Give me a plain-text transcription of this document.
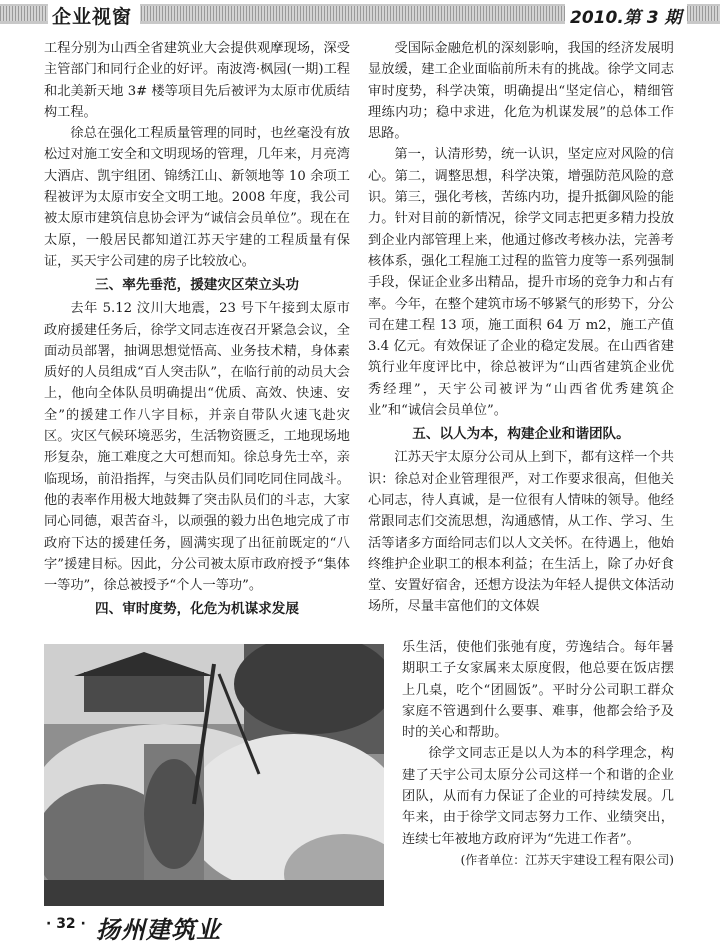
企业视窗	2010.第 3 期

工程分别为山西全省建筑业大会提供观摩现场，深受主管部门和同行企业的好评。南波湾·枫园(一期)工程和北美新天地 3# 楼等项目先后被评为太原市优质结构工程。

徐总在强化工程质量管理的同时，也丝毫没有放松过对施工安全和文明现场的管理，几年来，月亮湾大酒店、凯宇组团、锦绣江山、新领地等 10 余项工程被评为太原市安全文明工地。2008 年度，我公司被太原市建筑信息协会评为“诚信会员单位”。现在在太原，一般居民都知道江苏天宇建的工程质量有保证，买天宇公司建的房子比较放心。

三、率先垂范，援建灾区荣立头功

去年 5.12 汶川大地震，23 号下午接到太原市政府援建任务后，徐学文同志连夜召开紧急会议，全面动员部署，抽调思想觉悟高、业务技术精，身体素质好的人员组成“百人突击队”，在临行前的动员大会上，他向全体队员明确提出“优质、高效、快速、安全”的援建工作八字目标，并亲自带队火速飞赴灾区。灾区气候环境恶劣，生活物资匮乏，工地现场地形复杂，施工难度之大可想而知。徐总身先士卒，亲临现场，前沿指挥，与突击队员们同吃同住同战斗。他的表率作用极大地鼓舞了突击队员们的斗志，大家同心同德，艰苦奋斗，以顽强的毅力出色地完成了市政府下达的援建任务，圆满实现了出征前既定的“八字”援建目标。因此，分公司被太原市政府授予“集体一等功”，徐总被授予“个人一等功”。

四、审时度势，化危为机谋求发展

受国际金融危机的深刻影响，我国的经济发展明显放缓，建工企业面临前所未有的挑战。徐学文同志审时度势，科学决策，明确提出“坚定信心，精细管理练内功；稳中求进，化危为机谋发展”的总体工作思路。

第一，认清形势，统一认识，坚定应对风险的信心。第二，调整思想，科学决策，增强防范风险的意识。第三，强化考核，苦练内功，提升抵御风险的能力。针对目前的新情况，徐学文同志把更多精力投放到企业内部管理上来，他通过修改考核办法，完善考核体系，强化工程施工过程的监管力度等一系列强制手段，保证企业多出精品，提升市场的竞争力和占有率。今年，在整个建筑市场不够紧气的形势下，分公司在建工程 13 项，施工面积 64 万 m2，施工产值 3.4 亿元。有效保证了企业的稳定发展。在山西省建筑行业年度评比中，徐总被评为“山西省建筑企业优秀经理”，天宇公司被评为“山西省优秀建筑企业”和“诚信会员单位”。

五、以人为本，构建企业和谐团队。

江苏天宇太原分公司从上到下，都有这样一个共识：徐总对企业管理很严，对工作要求很高，但他关心同志，待人真诚，是一位很有人情味的领导。他经常跟同志们交流思想，沟通感情，从工作、学习、生活等诸多方面给同志们以人文关怀。在待遇上，他始终维护企业职工的根本利益；在生活上，除了办好食堂、安置好宿舍，还想方设法为年轻人提供文体活动场所，尽量丰富他们的文体娱

乐生活，使他们张弛有度，劳逸结合。每年暑期职工子女家属来太原度假，他总要在饭店摆上几桌，吃个“团圆饭”。平时分公司职工群众家庭不管遇到什么要事、难事，他都会给予及时的关心和帮助。

徐学文同志正是以人为本的科学理念，构建了天宇公司太原分公司这样一个和谐的企业团队，从而有力保证了企业的可持续发展。几年来，由于徐学文同志努力工作、业绩突出，连续七年被地方政府评为“先进工作者”。

(作者单位：江苏天宇建设工程有限公司)

· 32 · 扬州建筑业
